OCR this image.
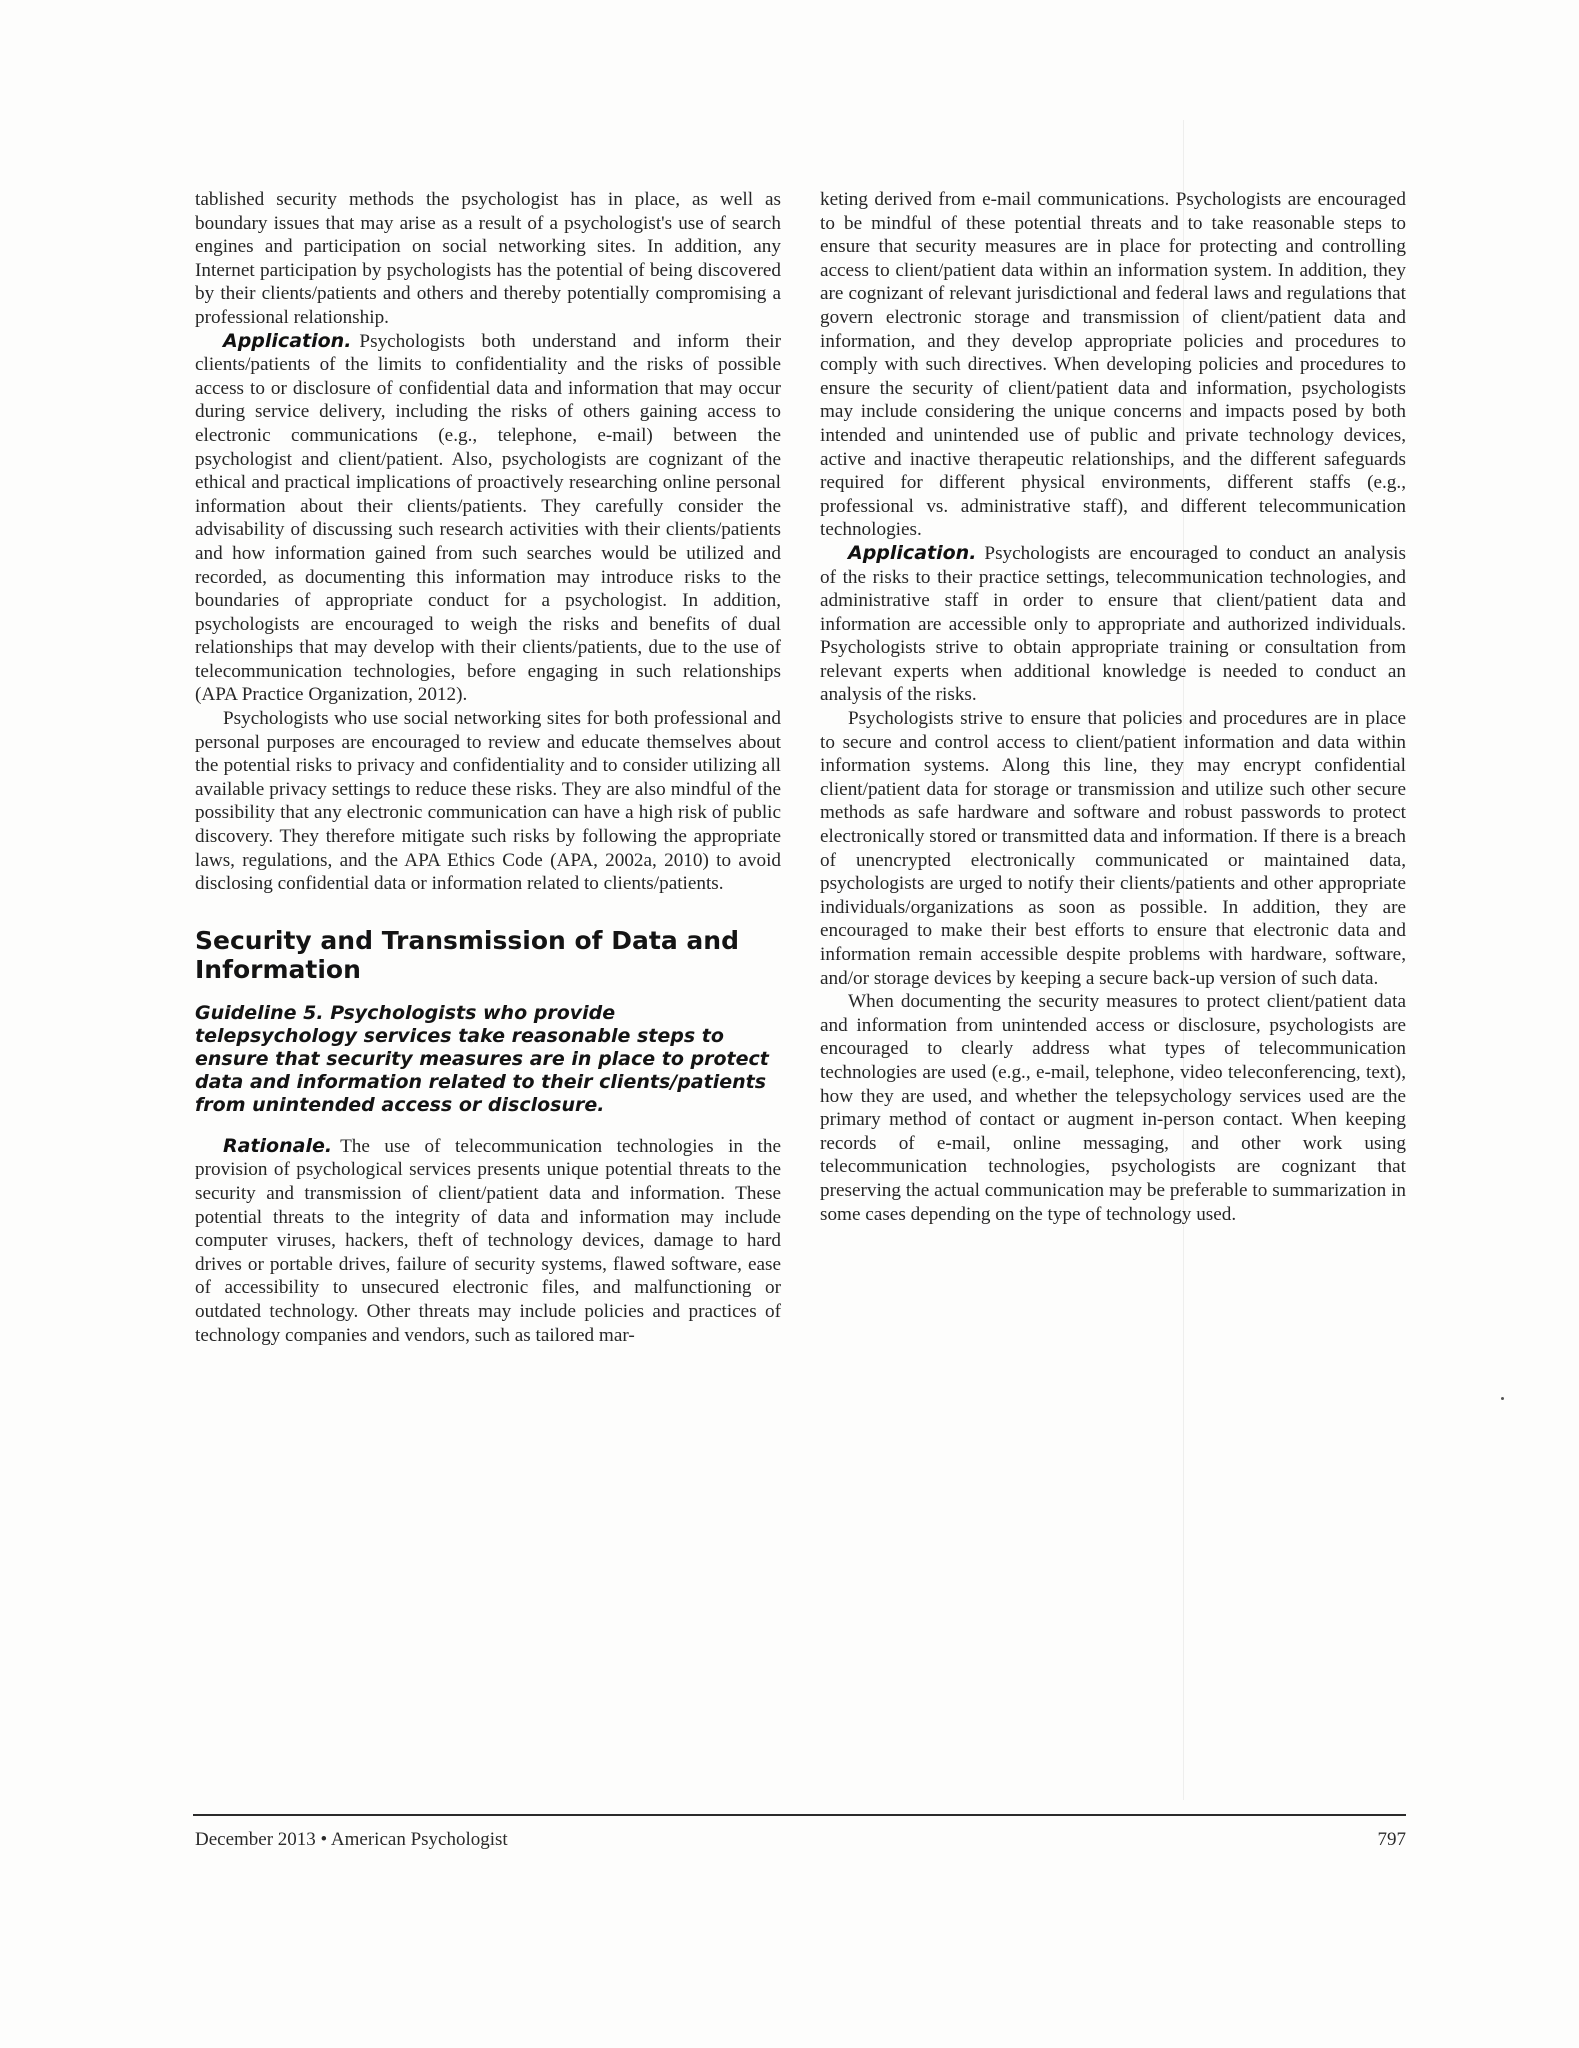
tablished security methods the psychologist has in place, as well as boundary issues that may arise as a result of a psychologist's use of search engines and participation on social networking sites. In addition, any Internet participation by psychologists has the potential of being discovered by their clients/patients and others and thereby potentially compromising a professional relationship.

Application. Psychologists both understand and inform their clients/patients of the limits to confidentiality and the risks of possible access to or disclosure of confidential data and information that may occur during service delivery, including the risks of others gaining access to electronic communications (e.g., telephone, e-mail) between the psychologist and client/patient. Also, psychologists are cognizant of the ethical and practical implications of proactively researching online personal information about their clients/patients. They carefully consider the advisability of discussing such research activities with their clients/patients and how information gained from such searches would be utilized and recorded, as documenting this information may introduce risks to the boundaries of appropriate conduct for a psychologist. In addition, psychologists are encouraged to weigh the risks and benefits of dual relationships that may develop with their clients/patients, due to the use of telecommunication technologies, before engaging in such relationships (APA Practice Organization, 2012).

Psychologists who use social networking sites for both professional and personal purposes are encouraged to review and educate themselves about the potential risks to privacy and confidentiality and to consider utilizing all available privacy settings to reduce these risks. They are also mindful of the possibility that any electronic communication can have a high risk of public discovery. They therefore mitigate such risks by following the appropriate laws, regulations, and the APA Ethics Code (APA, 2002a, 2010) to avoid disclosing confidential data or information related to clients/patients.

Security and Transmission of Data and Information
Guideline 5. Psychologists who provide telepsychology services take reasonable steps to ensure that security measures are in place to protect data and information related to their clients/patients from unintended access or disclosure.

Rationale. The use of telecommunication technologies in the provision of psychological services presents unique potential threats to the security and transmission of client/patient data and information. These potential threats to the integrity of data and information may include computer viruses, hackers, theft of technology devices, damage to hard drives or portable drives, failure of security systems, flawed software, ease of accessibility to unsecured electronic files, and malfunctioning or outdated technology. Other threats may include policies and practices of technology companies and vendors, such as tailored mar-

keting derived from e-mail communications. Psychologists are encouraged to be mindful of these potential threats and to take reasonable steps to ensure that security measures are in place for protecting and controlling access to client/patient data within an information system. In addition, they are cognizant of relevant jurisdictional and federal laws and regulations that govern electronic storage and transmission of client/patient data and information, and they develop appropriate policies and procedures to comply with such directives. When developing policies and procedures to ensure the security of client/patient data and information, psychologists may include considering the unique concerns and impacts posed by both intended and unintended use of public and private technology devices, active and inactive therapeutic relationships, and the different safeguards required for different physical environments, different staffs (e.g., professional vs. administrative staff), and different telecommunication technologies.

Application. Psychologists are encouraged to conduct an analysis of the risks to their practice settings, telecommunication technologies, and administrative staff in order to ensure that client/patient data and information are accessible only to appropriate and authorized individuals. Psychologists strive to obtain appropriate training or consultation from relevant experts when additional knowledge is needed to conduct an analysis of the risks.

Psychologists strive to ensure that policies and procedures are in place to secure and control access to client/patient information and data within information systems. Along this line, they may encrypt confidential client/patient data for storage or transmission and utilize such other secure methods as safe hardware and software and robust passwords to protect electronically stored or transmitted data and information. If there is a breach of unencrypted electronically communicated or maintained data, psychologists are urged to notify their clients/patients and other appropriate individuals/organizations as soon as possible. In addition, they are encouraged to make their best efforts to ensure that electronic data and information remain accessible despite problems with hardware, software, and/or storage devices by keeping a secure back-up version of such data.

When documenting the security measures to protect client/patient data and information from unintended access or disclosure, psychologists are encouraged to clearly address what types of telecommunication technologies are used (e.g., e-mail, telephone, video teleconferencing, text), how they are used, and whether the telepsychology services used are the primary method of contact or augment in-person contact. When keeping records of e-mail, online messaging, and other work using telecommunication technologies, psychologists are cognizant that preserving the actual communication may be preferable to summarization in some cases depending on the type of technology used.

December 2013 • American Psychologist	797
